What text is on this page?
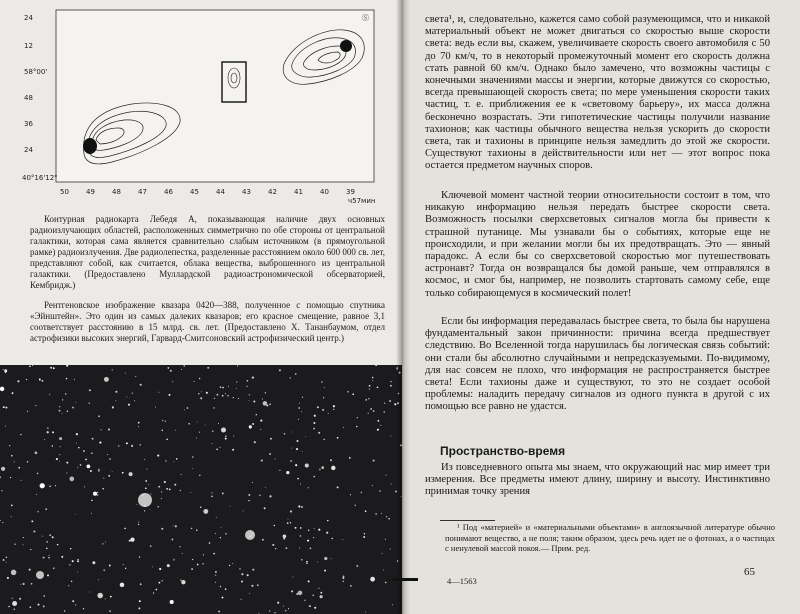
24
12
58°00'
48
36
24
40°16'12"
50 49 48 47 46 45 44 43 42 41 40 39
ч57мин
Ⓢ

Контурная радиокарта Лебедя А, показывающая наличие двух основных радиоизлучающих областей, расположенных симметрично по обе стороны от центральной галактики, которая сама является сравнительно слабым источником (в прямоугольной рамке) радиоизлучения. Две радиолепестка, разделенные расстоянием около 600 000 св. лет, представляют собой, как считается, облака вещества, выброшенного из центральной галактики. (Предоставлено Муллардской радиоастрономической обсерваторией, Кембридж.)

Рентгеновское изображение квазара 0420—388, полученное с помощью спутника «Эйнштейн». Это один из самых далеких квазаров; его красное смещение, равное 3,1 соответствует расстоянию в 15 млрд. св. лет. (Предоставлено Х. Тананбаумом, отдел астрофизики высоких энергий, Гарвард-Смитсоновский астрофизический центр.)

света¹, и, следовательно, кажется само собой разумеющимся, что и никакой материальный объект не может двигаться со скоростью выше скорости света: ведь если вы, скажем, увеличиваете скорость своего автомобиля с 50 до 70 км/ч, то в некоторый промежуточный момент его скорость должна стать равной 60 км/ч. Однако было замечено, что возможны частицы с конечными значениями массы и энергии, которые движутся со скоростью, всегда превышающей скорость света; по мере уменьшения скорости таких частиц, т. е. приближения ее к «световому барьеру», их масса должна бесконечно возрастать. Эти гипотетические частицы получили название тахионов; как частицы обычного вещества нельзя ускорить до скорости света, так и тахионы в принципе нельзя замедлить до этой же скорости. Существуют тахионы в действительности или нет — этот вопрос пока остается предметом научных споров.

Ключевой момент частной теории относительности состоит в том, что никакую информацию нельзя передать быстрее скорости света. Возможность посылки сверхсветовых сигналов могла бы привести к страшной путанице. Мы узнавали бы о событиях, которые еще не происходили, и при желании могли бы их предотвращать. Это — явный парадокс. А если бы со сверхсветовой скоростью мог путешествовать астронавт? Тогда он возвращался бы домой раньше, чем отправлялся в космос, и смог бы, например, не позволить стартовать самому себе, еще только собирающемуся в космический полет!

Если бы информация передавалась быстрее света, то была бы нарушена фундаментальный закон причинности: причина всегда предшествует следствию. Во Вселенной тогда нарушилась бы логическая связь событий: они стали бы абсолютно случайными и непредсказуемыми. По-видимому, для нас совсем не плохо, что информация не распространяется быстрее света! Если тахионы даже и существуют, то это не создает особой проблемы: наладить передачу сигналов из одного пункта в другой с их помощью все равно не удастся.

Пространство-время

Из повседневного опыта мы знаем, что окружающий нас мир имеет три измерения. Все предметы имеют длину, ширину и высоту. Инстинктивно принимая точку зрения

¹ Под «материей» и «материальными объектами» в англоязычной литературе обычно понимают вещество, а не поля; таким образом, здесь речь идет не о фотонах, а о частицах с ненулевой массой покоя.— Прим. ред.

4—1563
65
